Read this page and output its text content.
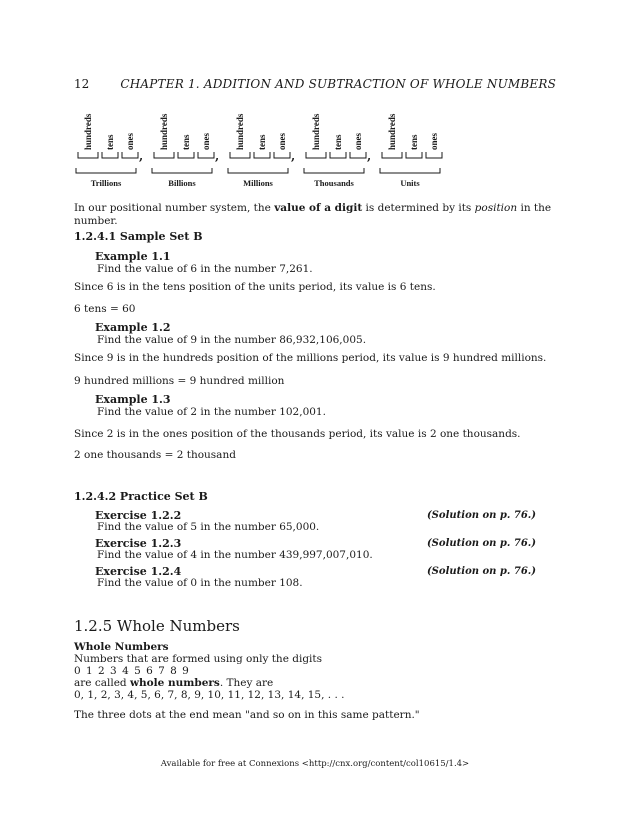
12	CHAPTER 1. ADDITION AND SUBTRACTION OF WHOLE NUMBERS
hundreds tens ones
,
Trillions
hundreds tens ones
,
Billions
hundreds tens ones
,
Millions
hundreds tens ones
,
Thousands
hundreds tens ones
Units
In our positional number system, the value of a digit is determined by its position in the number.
1.2.4.1 Sample Set B
Example 1.1
Find the value of 6 in the number 7,261.
Since 6 is in the tens position of the units period, its value is 6 tens.
6 tens = 60
Example 1.2
Find the value of 9 in the number 86,932,106,005.
Since 9 is in the hundreds position of the millions period, its value is 9 hundred millions.
9 hundred millions = 9 hundred million
Example 1.3
Find the value of 2 in the number 102,001.
Since 2 is in the ones position of the thousands period, its value is 2 one thousands.
2 one thousands = 2 thousand
1.2.4.2 Practice Set B
Exercise 1.2.2	(Solution on p. 76.)
Find the value of 5 in the number 65,000.
Exercise 1.2.3	(Solution on p. 76.)
Find the value of 4 in the number 439,997,007,010.
Exercise 1.2.4	(Solution on p. 76.)
Find the value of 0 in the number 108.
1.2.5 Whole Numbers
Whole Numbers
Numbers that are formed using only the digits
0 1 2 3 4 5 6 7 8 9
are called whole numbers. They are
0, 1, 2, 3, 4, 5, 6, 7, 8, 9, 10, 11, 12, 13, 14, 15, . . .
The three dots at the end mean "and so on in this same pattern."
Available for free at Connexions <http://cnx.org/content/col10615/1.4>
